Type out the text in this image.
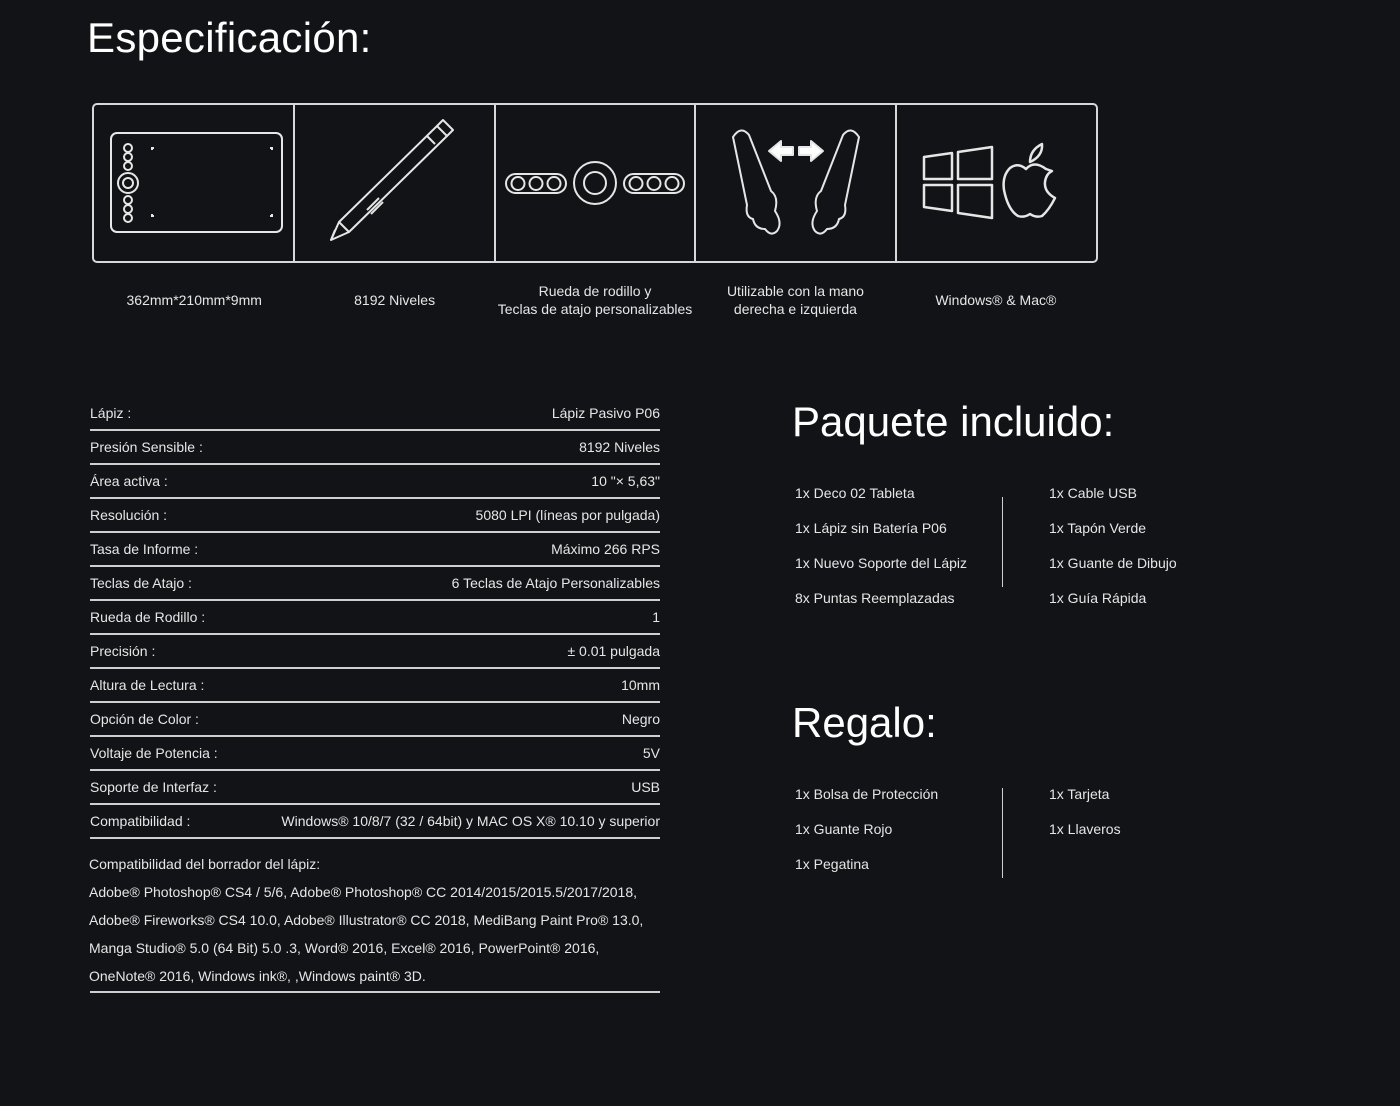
Especificación:
362mm*210mm*9mm	8192 Niveles
Rueda de rodillo y
Teclas de atajo personalizables
Utilizable con la mano
derecha e izquierda
Windows® & Mac®
Lápiz :	Lápiz Pasivo P06
Presión Sensible :	8192 Niveles
Área activa :	10 "× 5,63"
Resolución :	5080 LPI (líneas por pulgada)
Tasa de Informe :	Máximo 266 RPS
Teclas de Atajo :	6 Teclas de Atajo Personalizables
Rueda de Rodillo :	1
Precisión :	± 0.01 pulgada
Altura de Lectura :	10mm
Opción de Color :	Negro
Voltaje de Potencia :	5V
Soporte de Interfaz :	USB
Compatibilidad :	Windows® 10/8/7 (32 / 64bit) y MAC OS X® 10.10 y superior
Compatibilidad del borrador del lápiz:
Adobe® Photoshop® CS4 / 5/6, Adobe® Photoshop® CC 2014/2015/2015.5/2017/2018,
Adobe® Fireworks® CS4 10.0, Adobe® Illustrator® CC 2018, MediBang Paint Pro® 13.0,
Manga Studio® 5.0 (64 Bit) 5.0 .3, Word® 2016, Excel® 2016, PowerPoint® 2016,
OneNote® 2016, Windows ink®, ,Windows paint® 3D.
Paquete incluido:
1x Deco 02 Tableta
1x Lápiz sin Batería P06
1x Nuevo Soporte del Lápiz
8x Puntas Reemplazadas
1x Cable USB
1x Tapón Verde
1x Guante de Dibujo
1x Guía Rápida
Regalo:
1x Bolsa de Protección
1x Guante Rojo
1x Pegatina
1x Tarjeta
1x Llaveros
